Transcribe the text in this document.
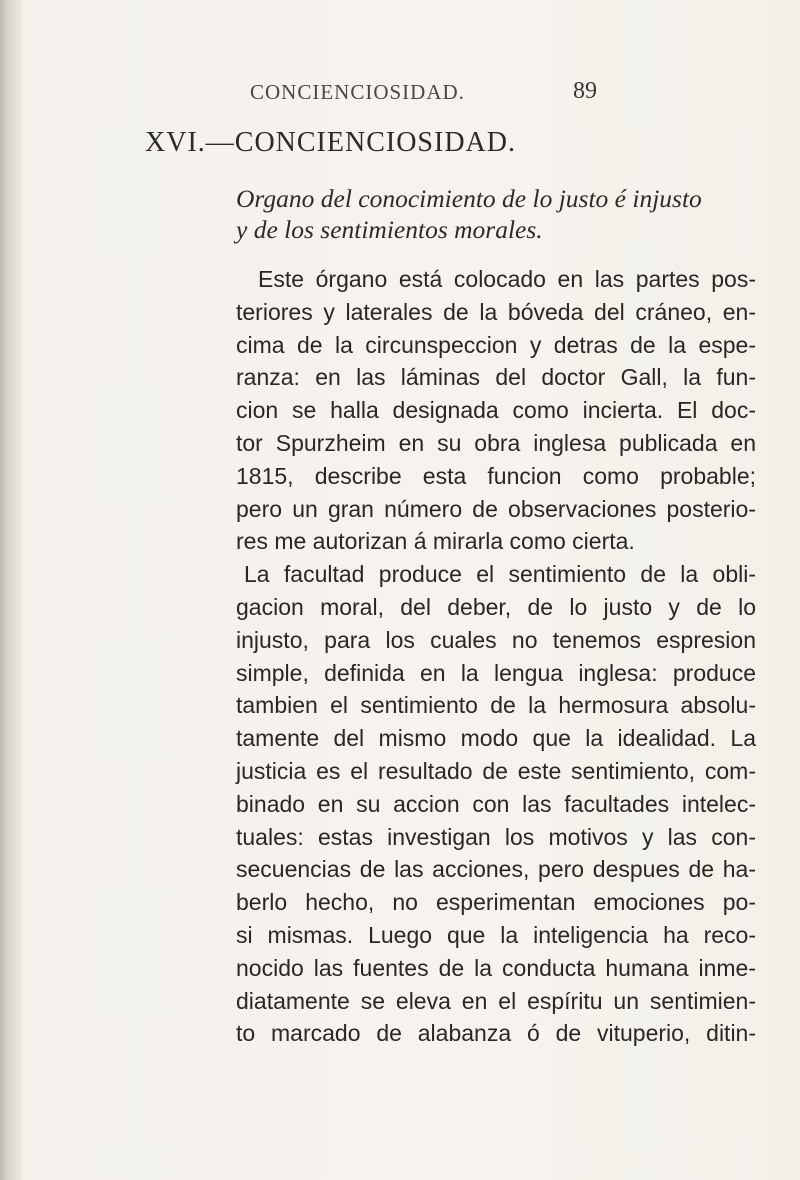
CONCIENCIOSIDAD.	89
XVI.—CONCIENCIOSIDAD.
Organo del conocimiento de lo justo é injusto
y de los sentimientos morales.
Este órgano está colocado en las partes pos-
teriores y laterales de la bóveda del cráneo, en-
cima de la circunspeccion y detras de la espe-
ranza: en las láminas del doctor Gall, la fun-
cion se halla designada como incierta. El doc-
tor Spurzheim en su obra inglesa publicada en
1815, describe esta funcion como probable;
pero un gran número de observaciones posterio-
res me autorizan á mirarla como cierta.
La facultad produce el sentimiento de la obli-
gacion moral, del deber, de lo justo y de lo
injusto, para los cuales no tenemos espresion
simple, definida en la lengua inglesa: produce
tambien el sentimiento de la hermosura absolu-
tamente del mismo modo que la idealidad. La
justicia es el resultado de este sentimiento, com-
binado en su accion con las facultades intelec-
tuales: estas investigan los motivos y las con-
secuencias de las acciones, pero despues de ha-
berlo hecho, no esperimentan emociones po-
si mismas. Luego que la inteligencia ha reco-
nocido las fuentes de la conducta humana inme-
diatamente se eleva en el espíritu un sentimien-
to marcado de alabanza ó de vituperio, ditin-
